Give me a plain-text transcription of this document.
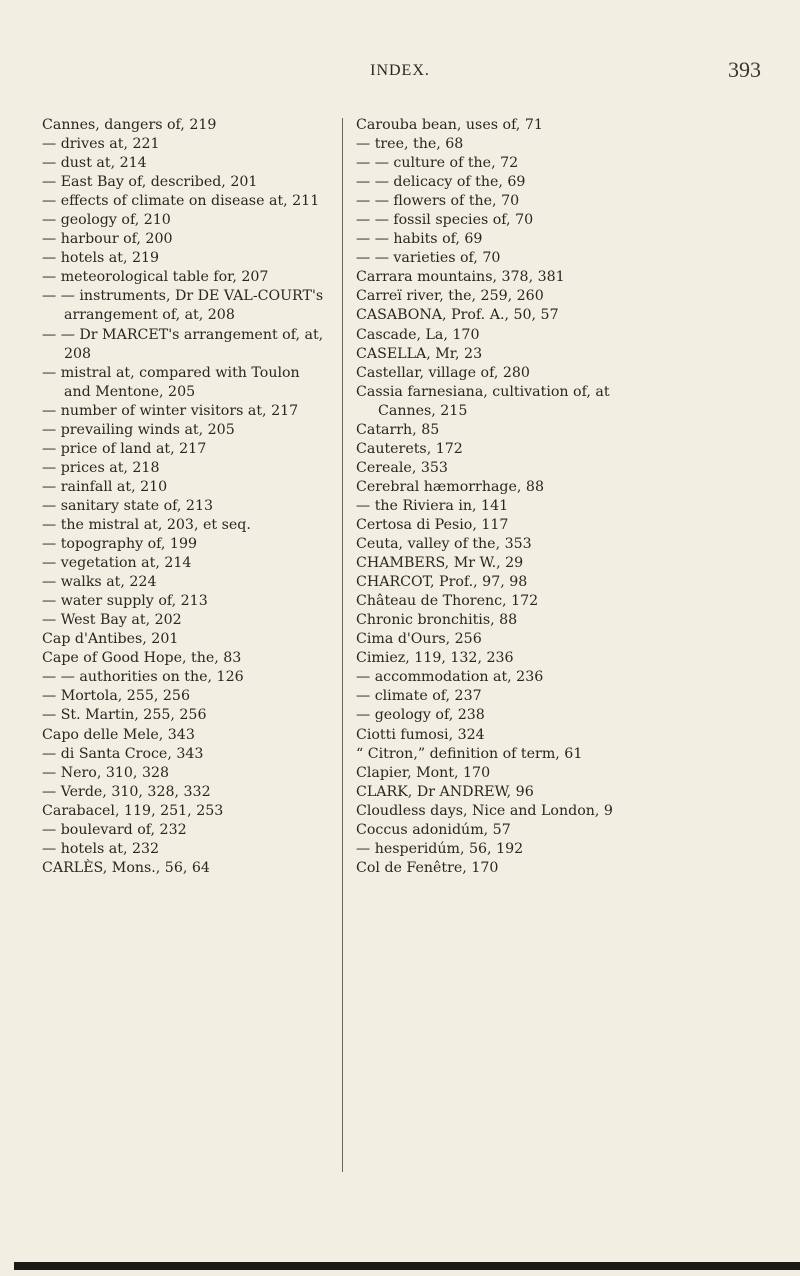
INDEX.	393
Cannes, dangers of, 219
— drives at, 221
— dust at, 214
— East Bay of, described, 201
— effects of climate on disease at, 211
— geology of, 210
— harbour of, 200
— hotels at, 219
— meteorological table for, 207
— — instruments, Dr DE VAL-COURT's arrangement of, at, 208
— — Dr MARCET's arrangement of, at, 208
— mistral at, compared with Toulon and Mentone, 205
— number of winter visitors at, 217
— prevailing winds at, 205
— price of land at, 217
— prices at, 218
— rainfall at, 210
— sanitary state of, 213
— the mistral at, 203, et seq.
— topography of, 199
— vegetation at, 214
— walks at, 224
— water supply of, 213
— West Bay at, 202
Cap d'Antibes, 201
Cape of Good Hope, the, 83
— — authorities on the, 126
— Mortola, 255, 256
— St. Martin, 255, 256
Capo delle Mele, 343
— di Santa Croce, 343
— Nero, 310, 328
— Verde, 310, 328, 332
Carabacel, 119, 251, 253
— boulevard of, 232
— hotels at, 232
CARLÈS, Mons., 56, 64
Carouba bean, uses of, 71
— tree, the, 68
— — culture of the, 72
— — delicacy of the, 69
— — flowers of the, 70
— — fossil species of, 70
— — habits of, 69
— — varieties of, 70
Carrara mountains, 378, 381
Carreï river, the, 259, 260
CASABONA, Prof. A., 50, 57
Cascade, La, 170
CASELLA, Mr, 23
Castellar, village of, 280
Cassia farnesiana, cultivation of, at Cannes, 215
Catarrh, 85
Cauterets, 172
Cereale, 353
Cerebral hæmorrhage, 88
— the Riviera in, 141
Certosa di Pesio, 117
Ceuta, valley of the, 353
CHAMBERS, Mr W., 29
CHARCOT, Prof., 97, 98
Château de Thorenc, 172
Chronic bronchitis, 88
Cima d'Ours, 256
Cimiez, 119, 132, 236
— accommodation at, 236
— climate of, 237
— geology of, 238
Ciotti fumosi, 324
“ Citron,” definition of term, 61
Clapier, Mont, 170
CLARK, Dr ANDREW, 96
Cloudless days, Nice and London, 9
Coccus adonidúm, 57
— hesperidúm, 56, 192
Col de Fenêtre, 170
